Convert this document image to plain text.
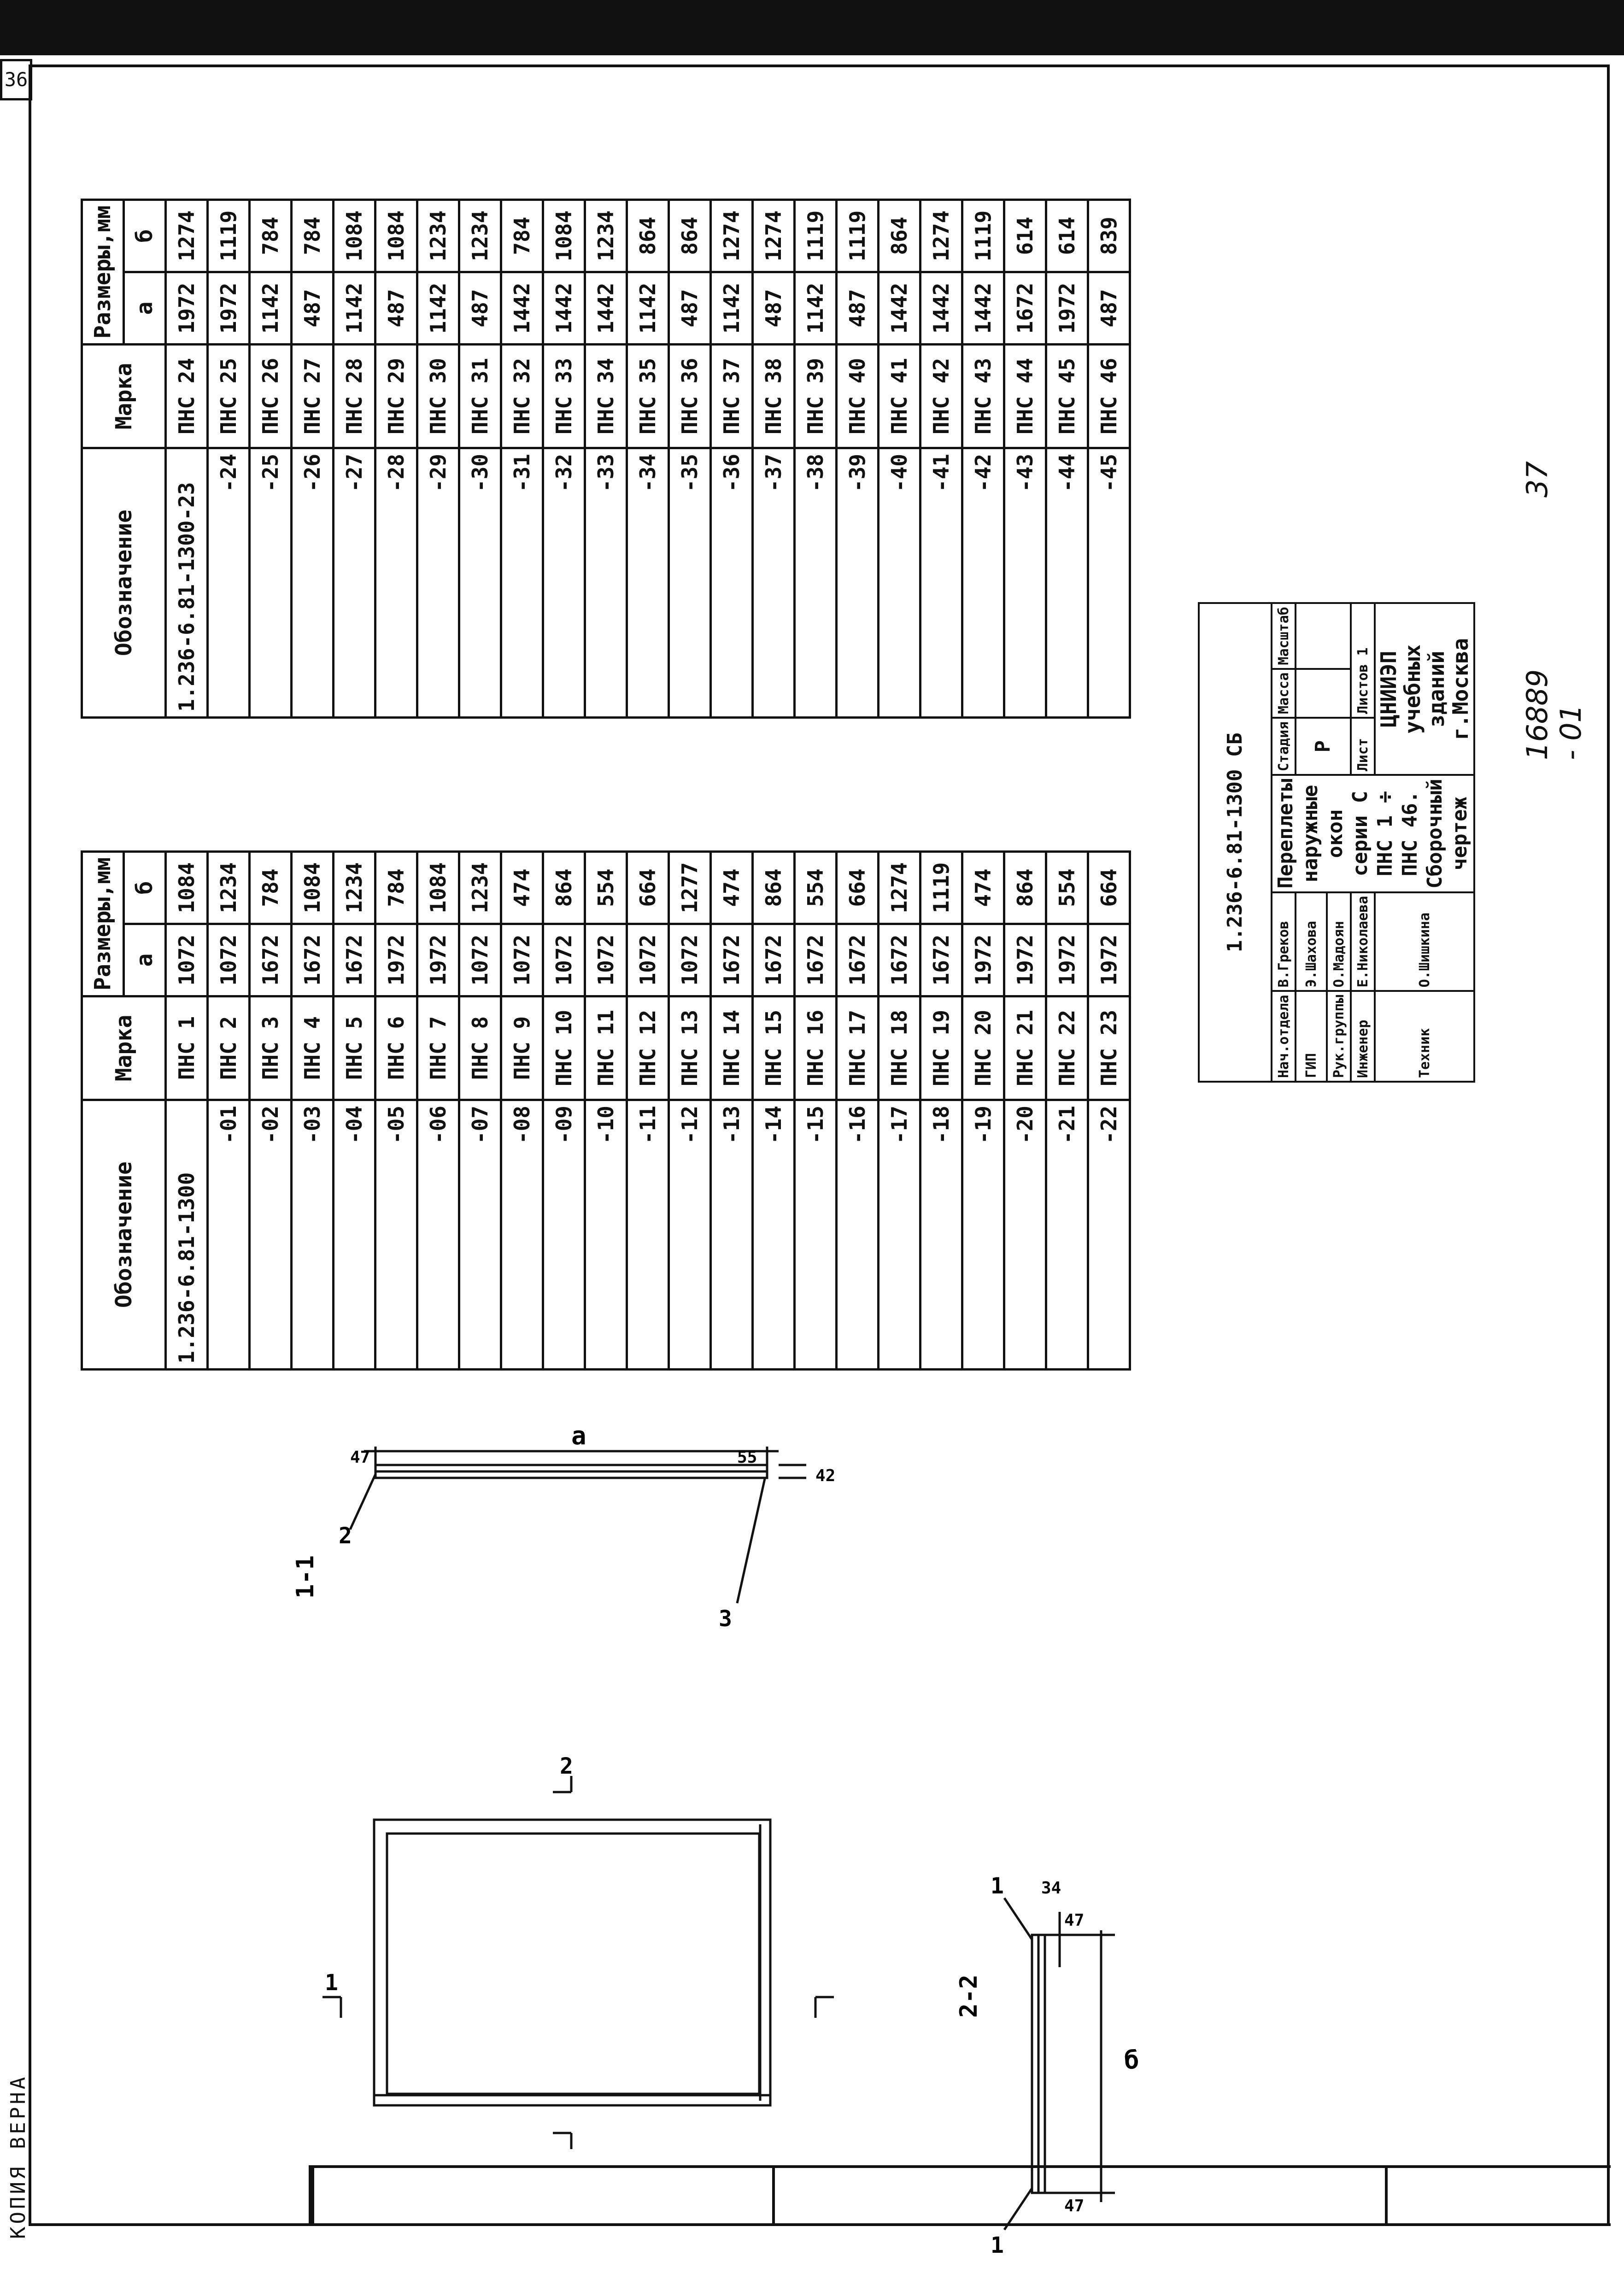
36
КОПИЯ ВЕРНА
1-1
2-2
1
2
2
3
1
1
а
б
47	55
42
47
34
47
Обозначение	Марка	Размеры,мм	
		а	б
1.236-6.81-1300	ПНС 1	1072	1084
-01	ПНС 2	1072	1234
-02	ПНС 3	1672	784
-03	ПНС 4	1672	1084
-04	ПНС 5	1672	1234
-05	ПНС 6	1972	784
-06	ПНС 7	1972	1084
-07	ПНС 8	1072	1234
-08	ПНС 9	1072	474
-09	ПНС 10	1072	864
-10	ПНС 11	1072	554
-11	ПНС 12	1072	664
-12	ПНС 13	1072	1277
-13	ПНС 14	1672	474
-14	ПНС 15	1672	864
-15	ПНС 16	1672	554
-16	ПНС 17	1672	664
-17	ПНС 18	1672	1274
-18	ПНС 19	1672	1119
-19	ПНС 20	1972	474
-20	ПНС 21	1972	864
-21	ПНС 22	1972	554
-22	ПНС 23	1972	664
Обозначение	Марка	Размеры,мм	
		а	б
1.236-6.81-1300-23	ПНС 24	1972	1274
-24	ПНС 25	1972	1119
-25	ПНС 26	1142	784
-26	ПНС 27	487	784
-27	ПНС 28	1142	1084
-28	ПНС 29	487	1084
-29	ПНС 30	1142	1234
-30	ПНС 31	487	1234
-31	ПНС 32	1442	784
-32	ПНС 33	1442	1084
-33	ПНС 34	1442	1234
-34	ПНС 35	1142	864
-35	ПНС 36	487	864
-36	ПНС 37	1142	1274
-37	ПНС 38	487	1274
-38	ПНС 39	1142	1119
-39	ПНС 40	487	1119
-40	ПНС 41	1442	864
-41	ПНС 42	1442	1274
-42	ПНС 43	1442	1119
-43	ПНС 44	1672	614
-44	ПНС 45	1972	614
-45	ПНС 46	487	839
1.236-6.81-1300 СБ					
Нач.отдела	В.Греков	Переплеты наружные
окон серии С
ПНС 1 ÷ ПНС 46. Сборочный чертеж	Стадия	Масса	Масштаб
ГИП	Э.Шахова		Р		
Рук.группы	О.Мадоян				
Инженер	Е.Николаева		Лист	Листов 1	
Техник	О.Шишкина		ЦНИИЭП учебных зданий г.Москва		16889 - 01
37
